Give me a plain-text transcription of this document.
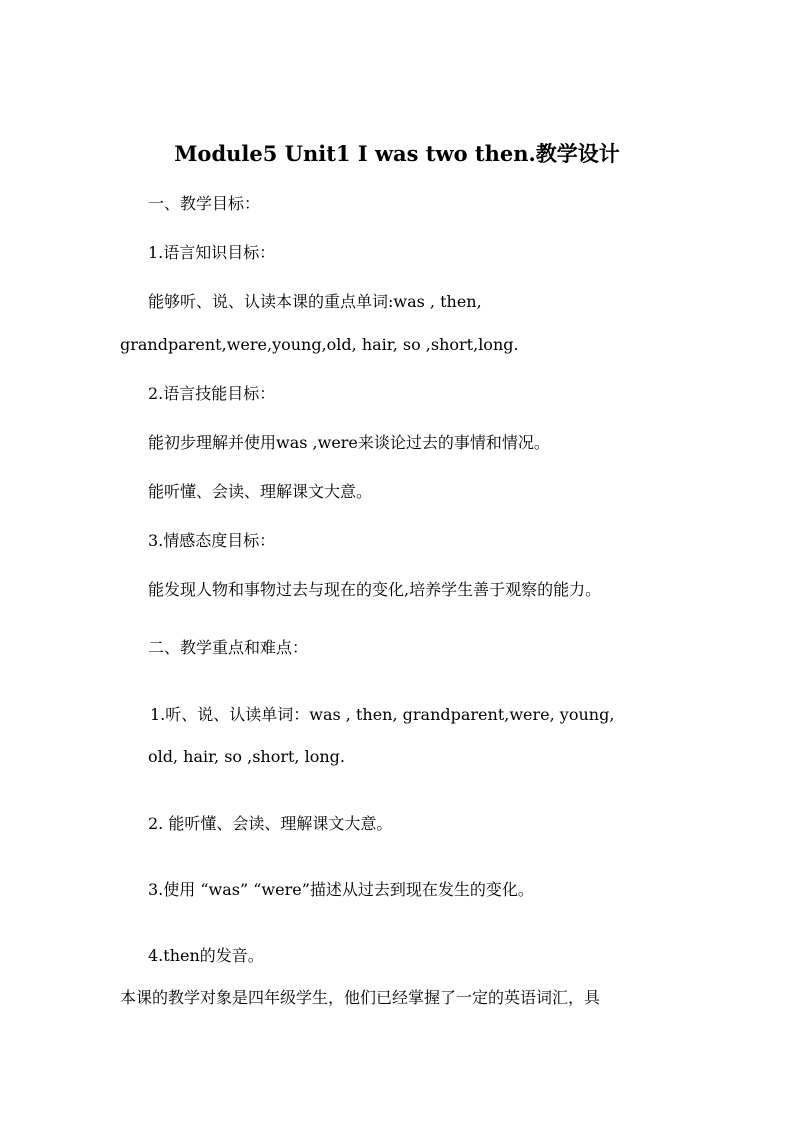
Module5 Unit1 I was two then.教学设计
一、教学目标：
1.语言知识目标：
能够听、说、认读本课的重点单词:was , then,
grandparent,were,young,old, hair, so ,short,long.
2.语言技能目标：
能初步理解并使用was ,were来谈论过去的事情和情况。
能听懂、会读、理解课文大意。
3.情感态度目标：
能发现人物和事物过去与现在的变化,培养学生善于观察的能力。
二、教学重点和难点：
1.听、说、认读单词：was , then, grandparent,were, young,
old, hair, so ,short, long.
2. 能听懂、会读、理解课文大意。
3.使用 “was” “were”描述从过去到现在发生的变化。
4.then的发音。
本课的教学对象是四年级学生，他们已经掌握了一定的英语词汇，具
